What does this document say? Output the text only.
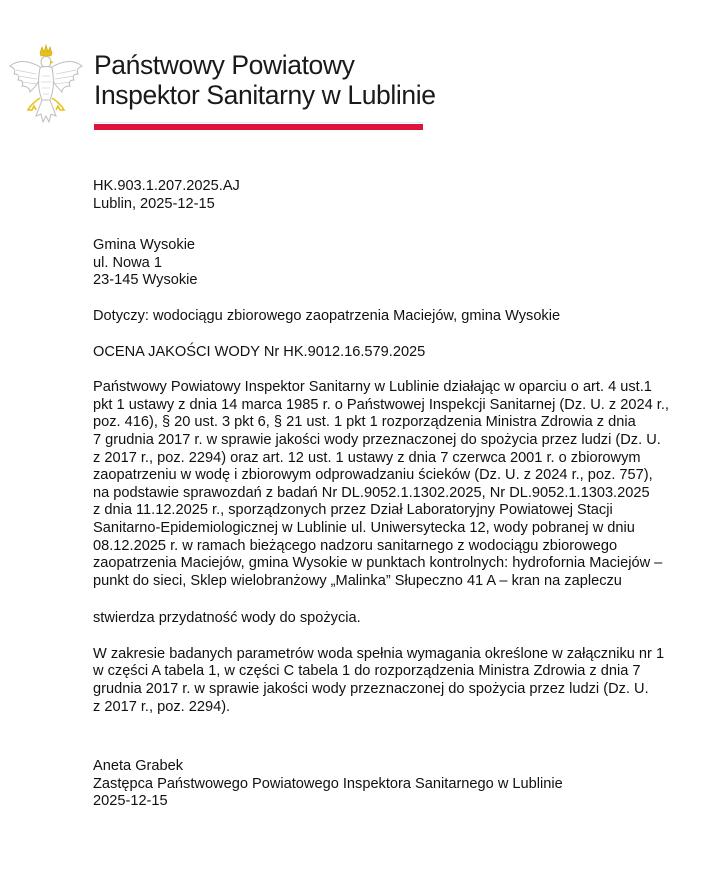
Państwowy Powiatowy
Inspektor Sanitarny w Lublinie
HK.903.1.207.2025.AJ
Lublin, 2025-12-15
Gmina Wysokie
ul. Nowa 1
23-145 Wysokie
Dotyczy: wodociągu zbiorowego zaopatrzenia Maciejów, gmina Wysokie
OCENA JAKOŚCI WODY Nr HK.9012.16.579.2025
Państwowy Powiatowy Inspektor Sanitarny w Lublinie działając w oparciu o art. 4 ust.1
pkt 1 ustawy z dnia 14 marca 1985 r. o Państwowej Inspekcji Sanitarnej (Dz. U. z 2024 r.,
poz. 416), § 20 ust. 3 pkt 6, § 21 ust. 1 pkt 1 rozporządzenia Ministra Zdrowia z dnia
7 grudnia 2017 r. w sprawie jakości wody przeznaczonej do spożycia przez ludzi (Dz. U.
z 2017 r., poz. 2294) oraz art. 12 ust. 1 ustawy z dnia 7 czerwca 2001 r. o zbiorowym
zaopatrzeniu w wodę i zbiorowym odprowadzaniu ścieków (Dz. U. z 2024 r., poz. 757),
na podstawie sprawozdań z badań Nr DL.9052.1.1302.2025, Nr DL.9052.1.1303.2025
z dnia 11.12.2025 r., sporządzonych przez Dział Laboratoryjny Powiatowej Stacji
Sanitarno-Epidemiologicznej w Lublinie ul. Uniwersytecka 12, wody pobranej w dniu
08.12.2025 r. w ramach bieżącego nadzoru sanitarnego z wodociągu zbiorowego
zaopatrzenia Maciejów, gmina Wysokie w punktach kontrolnych: hydrofornia Maciejów –
punkt do sieci, Sklep wielobranżowy „Malinka” Słupeczno 41 A – kran na zapleczu
stwierdza przydatność wody do spożycia.
W zakresie badanych parametrów woda spełnia wymagania określone w załączniku nr 1
w części A tabela 1, w części C tabela 1 do rozporządzenia Ministra Zdrowia z dnia 7
grudnia 2017 r. w sprawie jakości wody przeznaczonej do spożycia przez ludzi (Dz. U.
z 2017 r., poz. 2294).
Aneta Grabek
Zastępca Państwowego Powiatowego Inspektora Sanitarnego w Lublinie
2025-12-15
